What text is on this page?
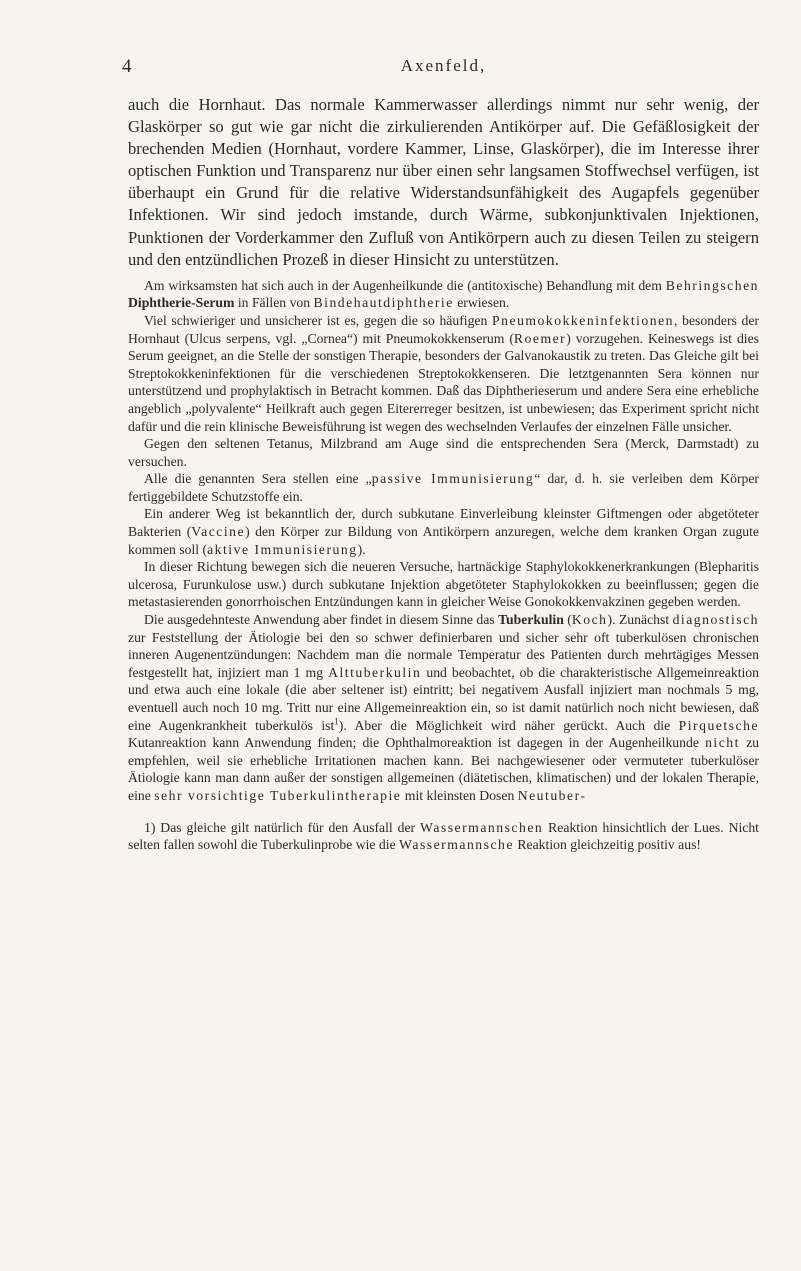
4	Axenfeld,

auch die Hornhaut. Das normale Kammerwasser allerdings nimmt nur sehr wenig, der Glaskörper so gut wie gar nicht die zirkulierenden Antikörper auf. Die Gefäßlosigkeit der brechenden Medien (Hornhaut, vordere Kammer, Linse, Glaskörper), die im Interesse ihrer optischen Funktion und Transparenz nur über einen sehr langsamen Stoffwechsel verfügen, ist überhaupt ein Grund für die relative Widerstandsunfähigkeit des Augapfels gegenüber Infektionen. Wir sind jedoch imstande, durch Wärme, subkonjunktivalen Injektionen, Punktionen der Vorderkammer den Zufluß von Antikörpern auch zu diesen Teilen zu steigern und den entzündlichen Prozeß in dieser Hinsicht zu unterstützen.

Am wirksamsten hat sich auch in der Augenheilkunde die (antitoxische) Behandlung mit dem Behringschen Diphtherie-Serum in Fällen von Bindehautdiphtherie erwiesen.

Viel schwieriger und unsicherer ist es, gegen die so häufigen Pneumokokkeninfektionen, besonders der Hornhaut (Ulcus serpens, vgl. „Cornea“) mit Pneumokokkenserum (Roemer) vorzugehen. Keineswegs ist dies Serum geeignet, an die Stelle der sonstigen Therapie, besonders der Galvanokaustik zu treten. Das Gleiche gilt bei Streptokokkeninfektionen für die verschiedenen Streptokokkenseren. Die letztgenannten Sera können nur unterstützend und prophylaktisch in Betracht kommen. Daß das Diphtherieserum und andere Sera eine erhebliche angeblich „polyvalente“ Heilkraft auch gegen Eitererreger besitzen, ist unbewiesen; das Experiment spricht nicht dafür und die rein klinische Beweisführung ist wegen des wechselnden Verlaufes der einzelnen Fälle unsicher.

Gegen den seltenen Tetanus, Milzbrand am Auge sind die entsprechenden Sera (Merck, Darmstadt) zu versuchen.

Alle die genannten Sera stellen eine „passive Immunisierung“ dar, d. h. sie verleiben dem Körper fertiggebildete Schutzstoffe ein.

Ein anderer Weg ist bekanntlich der, durch subkutane Einverleibung kleinster Giftmengen oder abgetöteter Bakterien (Vaccine) den Körper zur Bildung von Antikörpern anzuregen, welche dem kranken Organ zugute kommen soll (aktive Immunisierung).

In dieser Richtung bewegen sich die neueren Versuche, hartnäckige Staphylokokkenerkrankungen (Blepharitis ulcerosa, Furunkulose usw.) durch subkutane Injektion abgetöteter Staphylokokken zu beeinflussen; gegen die metastasierenden gonorrhoischen Entzündungen kann in gleicher Weise Gonokokkenvakzinen gegeben werden.

Die ausgedehnteste Anwendung aber findet in diesem Sinne das Tuberkulin (Koch). Zunächst diagnostisch zur Feststellung der Ätiologie bei den so schwer definierbaren und sicher sehr oft tuberkulösen chronischen inneren Augenentzündungen: Nachdem man die normale Temperatur des Patienten durch mehrtägiges Messen festgestellt hat, injiziert man 1 mg Alttuberkulin und beobachtet, ob die charakteristische Allgemeinreaktion und etwa auch eine lokale (die aber seltener ist) eintritt; bei negativem Ausfall injiziert man nochmals 5 mg, eventuell auch noch 10 mg. Tritt nur eine Allgemeinreaktion ein, so ist damit natürlich noch nicht bewiesen, daß eine Augenkrankheit tuberkulös ist$^1$). Aber die Möglichkeit wird näher gerückt. Auch die Pirquetsche Kutanreaktion kann Anwendung finden; die Ophthalmoreaktion ist dagegen in der Augenheilkunde nicht zu empfehlen, weil sie erhebliche Irritationen machen kann. Bei nachgewiesener oder vermuteter tuberkulöser Ätiologie kann man dann außer der sonstigen allgemeinen (diätetischen, klimatischen) und der lokalen Therapie, eine sehr vorsichtige Tuberkulintherapie mit kleinsten Dosen Neutuber-

1) Das gleiche gilt natürlich für den Ausfall der Wassermannschen Reaktion hinsichtlich der Lues. Nicht selten fallen sowohl die Tuberkulinprobe wie die Wassermannsche Reaktion gleichzeitig positiv aus!
